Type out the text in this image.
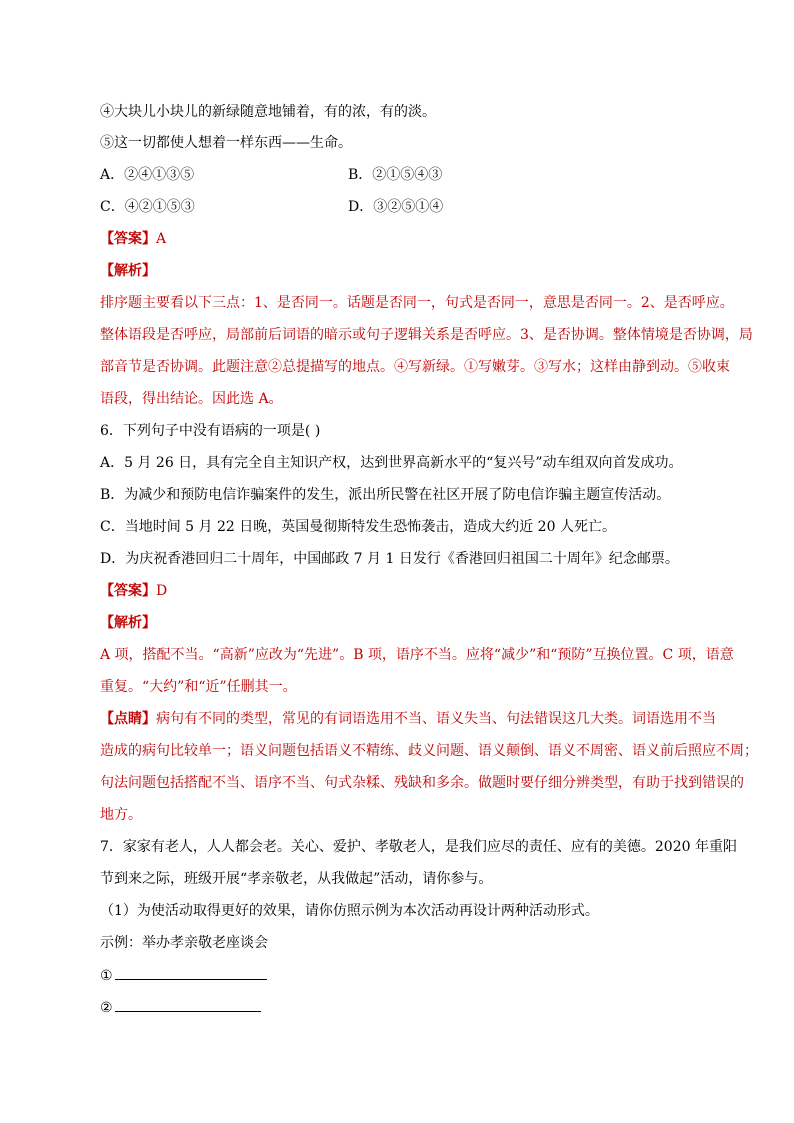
④大块儿小块儿的新绿随意地铺着，有的浓，有的淡。
⑤这一切都使人想着一样东西——生命。
A．②④①③⑤	B．②①⑤④③
C．④②①⑤③	D．③②⑤①④
【答案】A
【解析】
排序题主要看以下三点：1、是否同一。话题是否同一，句式是否同一，意思是否同一。2、是否呼应。
整体语段是否呼应，局部前后词语的暗示或句子逻辑关系是否呼应。3、是否协调。整体情境是否协调，局
部音节是否协调。此题注意②总提描写的地点。④写新绿。①写嫩芽。③写水；这样由静到动。⑤收束
语段，得出结论。因此选 A。
6．下列句子中没有语病的一项是( )
A．5 月 26 日，具有完全自主知识产权，达到世界高新水平的“复兴号”动车组双向首发成功。
B．为减少和预防电信诈骗案件的发生，派出所民警在社区开展了防电信诈骗主题宣传活动。
C．当地时间 5 月 22 日晚，英国曼彻斯特发生恐怖袭击，造成大约近 20 人死亡。
D．为庆祝香港回归二十周年，中国邮政 7 月 1 日发行《香港回归祖国二十周年》纪念邮票。
【答案】D
【解析】
A 项，搭配不当。“高新”应改为“先进”。B 项，语序不当。应将“减少”和“预防”互换位置。C 项，语意
重复。“大约”和“近”任删其一。
【点睛】病句有不同的类型，常见的有词语选用不当、语义失当、句法错误这几大类。词语选用不当
造成的病句比较单一；语义问题包括语义不精练、歧义问题、语义颠倒、语义不周密、语义前后照应不周；
句法问题包括搭配不当、语序不当、句式杂糅、残缺和多余。做题时要仔细分辨类型，有助于找到错误的
地方。
7．家家有老人，人人都会老。关心、爱护、孝敬老人，是我们应尽的责任、应有的美德。2020 年重阳
节到来之际，班级开展“孝亲敬老，从我做起”活动，请你参与。
（1）为使活动取得更好的效果，请你仿照示例为本次活动再设计两种活动形式。
示例：举办孝亲敬老座谈会
①
②
